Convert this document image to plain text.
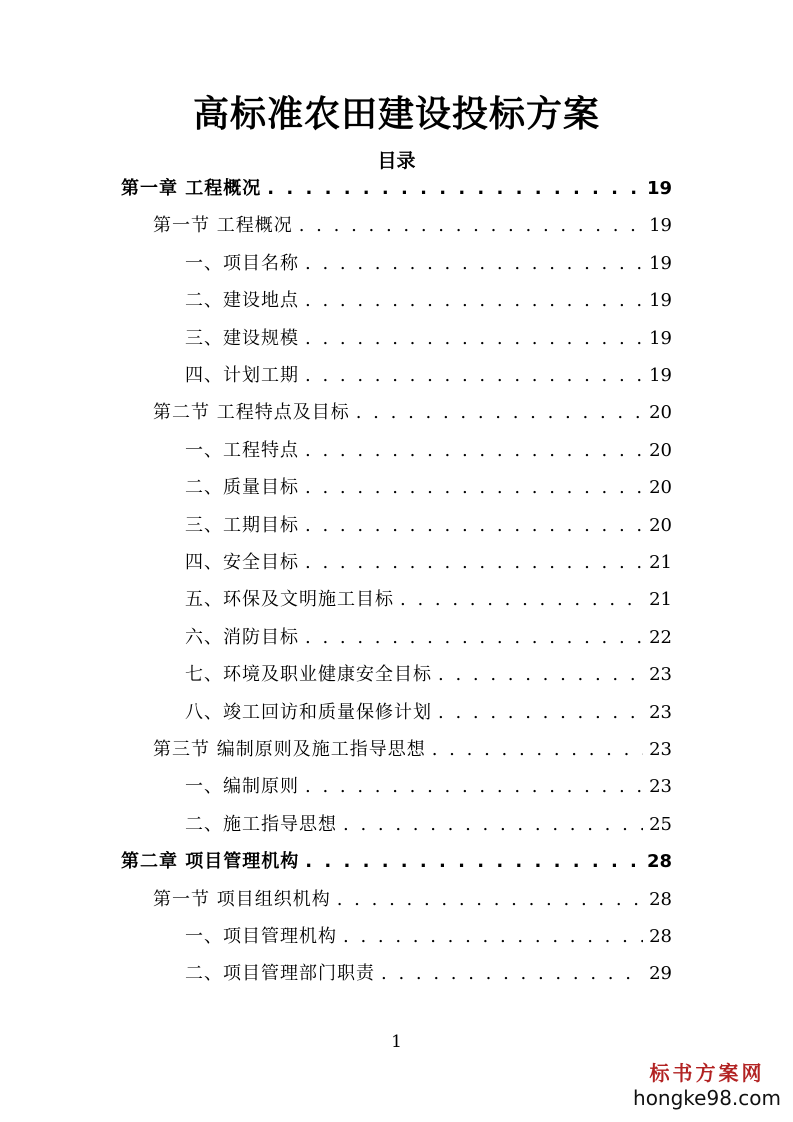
高标准农田建设投标方案
目录
第一章 工程概况 . . .	19
第一节 工程概况 . . .	19
一、项目名称 . . .	19
二、建设地点 . . .	19
三、建设规模 . . .	19
四、计划工期 . . .	19
第二节 工程特点及目标 . . .	20
一、工程特点 . . .	20
二、质量目标 . . .	20
三、工期目标 . . .	20
四、安全目标 . . .	21
五、环保及文明施工目标 . . .	21
六、消防目标 . . .	22
七、环境及职业健康安全目标 . . .	23
八、竣工回访和质量保修计划 . . .	23
第三节 编制原则及施工指导思想 . . .	23
一、编制原则 . . .	23
二、施工指导思想 . . .	25
第二章 项目管理机构 . . .	28
第一节 项目组织机构 . . .	28
一、项目管理机构 . . .	28
二、项目管理部门职责 . . .	29
1
标书方案网
hongke98.com
